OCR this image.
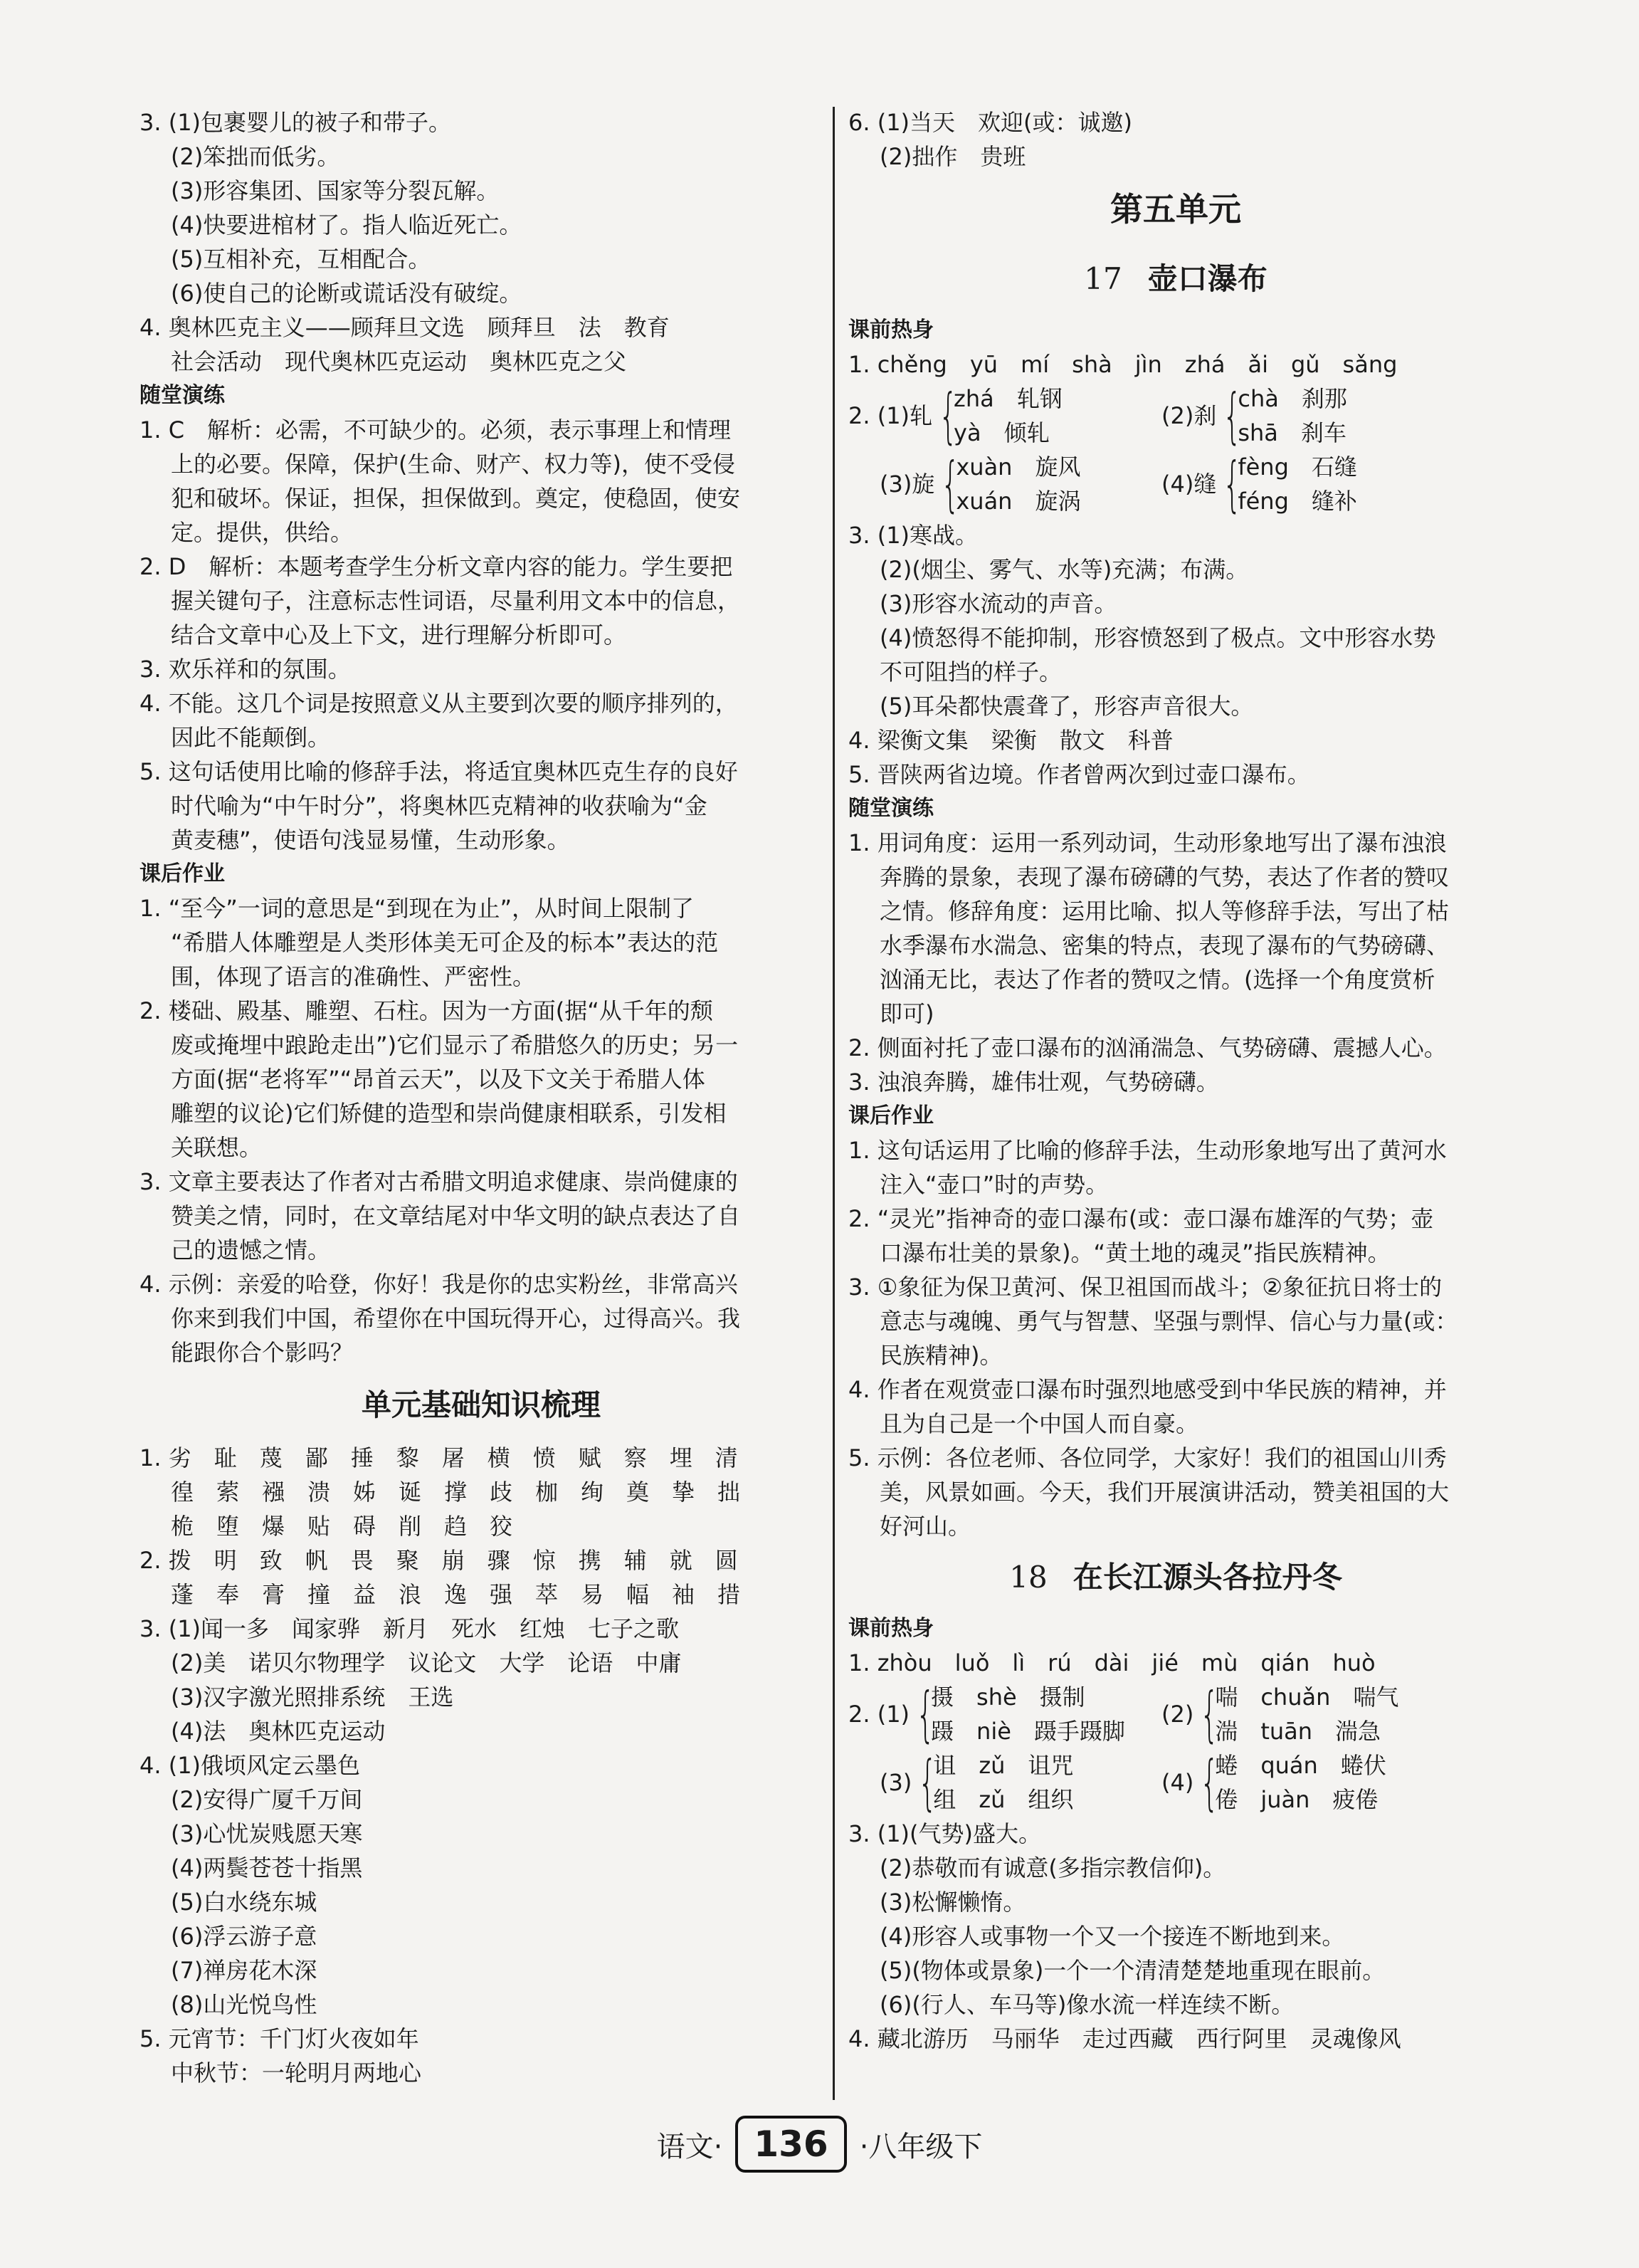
3. (1)包裹婴儿的被子和带子。
(2)笨拙而低劣。
(3)形容集团、国家等分裂瓦解。
(4)快要进棺材了。指人临近死亡。
(5)互相补充，互相配合。
(6)使自己的论断或谎话没有破绽。
4. 奥林匹克主义——顾拜旦文选　顾拜旦　法　教育
社会活动　现代奥林匹克运动　奥林匹克之父
随堂演练
1. C　解析：必需，不可缺少的。必须，表示事理上和情理
上的必要。保障，保护(生命、财产、权力等)，使不受侵
犯和破坏。保证，担保，担保做到。奠定，使稳固，使安
定。提供，供给。
2. D　解析：本题考查学生分析文章内容的能力。学生要把
握关键句子，注意标志性词语，尽量利用文本中的信息，
结合文章中心及上下文，进行理解分析即可。
3. 欢乐祥和的氛围。
4. 不能。这几个词是按照意义从主要到次要的顺序排列的，
因此不能颠倒。
5. 这句话使用比喻的修辞手法，将适宜奥林匹克生存的良好
时代喻为“中午时分”，将奥林匹克精神的收获喻为“金
黄麦穗”，使语句浅显易懂，生动形象。
课后作业
1. “至今”一词的意思是“到现在为止”，从时间上限制了
“希腊人体雕塑是人类形体美无可企及的标本”表达的范
围，体现了语言的准确性、严密性。
2. 楼础、殿基、雕塑、石柱。因为一方面(据“从千年的颓
废或掩埋中踉跄走出”)它们显示了希腊悠久的历史；另一
方面(据“老将军”“昂首云天”，以及下文关于希腊人体
雕塑的议论)它们矫健的造型和崇尚健康相联系，引发相
关联想。
3. 文章主要表达了作者对古希腊文明追求健康、崇尚健康的
赞美之情，同时，在文章结尾对中华文明的缺点表达了自
己的遗憾之情。
4. 示例：亲爱的哈登，你好！我是你的忠实粉丝，非常高兴
你来到我们中国，希望你在中国玩得开心，过得高兴。我
能跟你合个影吗？
单元基础知识梳理
1. 劣　耻　蔑　鄙　捶　黎　屠　横　愤　赋　察　埋　清
徨　萦　襁　溃　姊　诞　撑　歧　枷　绚　奠　挚　拙
桅　堕　爆　贴　碍　削　趋　狡
2. 拨　明　致　帆　畏　聚　崩　骤　惊　携　辅　就　圆
蓬　奉　膏　撞　益　浪　逸　强　萃　易　幅　袖　措
3. (1)闻一多　闻家骅　新月　死水　红烛　七子之歌
(2)美　诺贝尔物理学　议论文　大学　论语　中庸
(3)汉字激光照排系统　王选
(4)法　奥林匹克运动
4. (1)俄顷风定云墨色
(2)安得广厦千万间
(3)心忧炭贱愿天寒
(4)两鬓苍苍十指黑
(5)白水绕东城
(6)浮云游子意
(7)禅房花木深
(8)山光悦鸟性
5. 元宵节：千门灯火夜如年
中秋节：一轮明月两地心
6. (1)当天　欢迎(或：诚邀)
(2)拙作　贵班
第五单元
17 壶口瀑布
课前热身
1. chěng　yū　mí　shà　jìn　zhá　ǎi　gǔ　sǎng
2. (1)轧 {
zhá　轧钢
yà　倾轧
(2)刹 {
chà　刹那
shā　刹车
(3)旋 {
xuàn　旋风
xuán　旋涡
(4)缝 {
fèng　石缝
féng　缝补
3. (1)寒战。
(2)(烟尘、雾气、水等)充满；布满。
(3)形容水流动的声音。
(4)愤怒得不能抑制，形容愤怒到了极点。文中形容水势
不可阻挡的样子。
(5)耳朵都快震聋了，形容声音很大。
4. 梁衡文集　梁衡　散文　科普
5. 晋陕两省边境。作者曾两次到过壶口瀑布。
随堂演练
1. 用词角度：运用一系列动词，生动形象地写出了瀑布浊浪
奔腾的景象，表现了瀑布磅礴的气势，表达了作者的赞叹
之情。修辞角度：运用比喻、拟人等修辞手法，写出了枯
水季瀑布水湍急、密集的特点，表现了瀑布的气势磅礴、
汹涌无比，表达了作者的赞叹之情。(选择一个角度赏析
即可)
2. 侧面衬托了壶口瀑布的汹涌湍急、气势磅礴、震撼人心。
3. 浊浪奔腾，雄伟壮观，气势磅礴。
课后作业
1. 这句话运用了比喻的修辞手法，生动形象地写出了黄河水
注入“壶口”时的声势。
2. “灵光”指神奇的壶口瀑布(或：壶口瀑布雄浑的气势；壶
口瀑布壮美的景象)。“黄土地的魂灵”指民族精神。
3. ①象征为保卫黄河、保卫祖国而战斗；②象征抗日将士的
意志与魂魄、勇气与智慧、坚强与剽悍、信心与力量(或：
民族精神)。
4. 作者在观赏壶口瀑布时强烈地感受到中华民族的精神，并
且为自己是一个中国人而自豪。
5. 示例：各位老师、各位同学，大家好！我们的祖国山川秀
美，风景如画。今天，我们开展演讲活动，赞美祖国的大
好河山。
18 在长江源头各拉丹冬
课前热身
1. zhòu　luǒ　lì　rú　dài　jié　mù　qián　huò
2. (1) {
摄　shè　摄制
蹑　niè　蹑手蹑脚
(2) {
喘　chuǎn　喘气
湍　tuān　湍急
(3) {
诅　zǔ　诅咒
组　zǔ　组织
(4) {
蜷　quán　蜷伏
倦　juàn　疲倦
3. (1)(气势)盛大。
(2)恭敬而有诚意(多指宗教信仰)。
(3)松懈懒惰。
(4)形容人或事物一个又一个接连不断地到来。
(5)(物体或景象)一个一个清清楚楚地重现在眼前。
(6)(行人、车马等)像水流一样连续不断。
4. 藏北游历　马丽华　走过西藏　西行阿里　灵魂像风
语文· 136	·八年级下
